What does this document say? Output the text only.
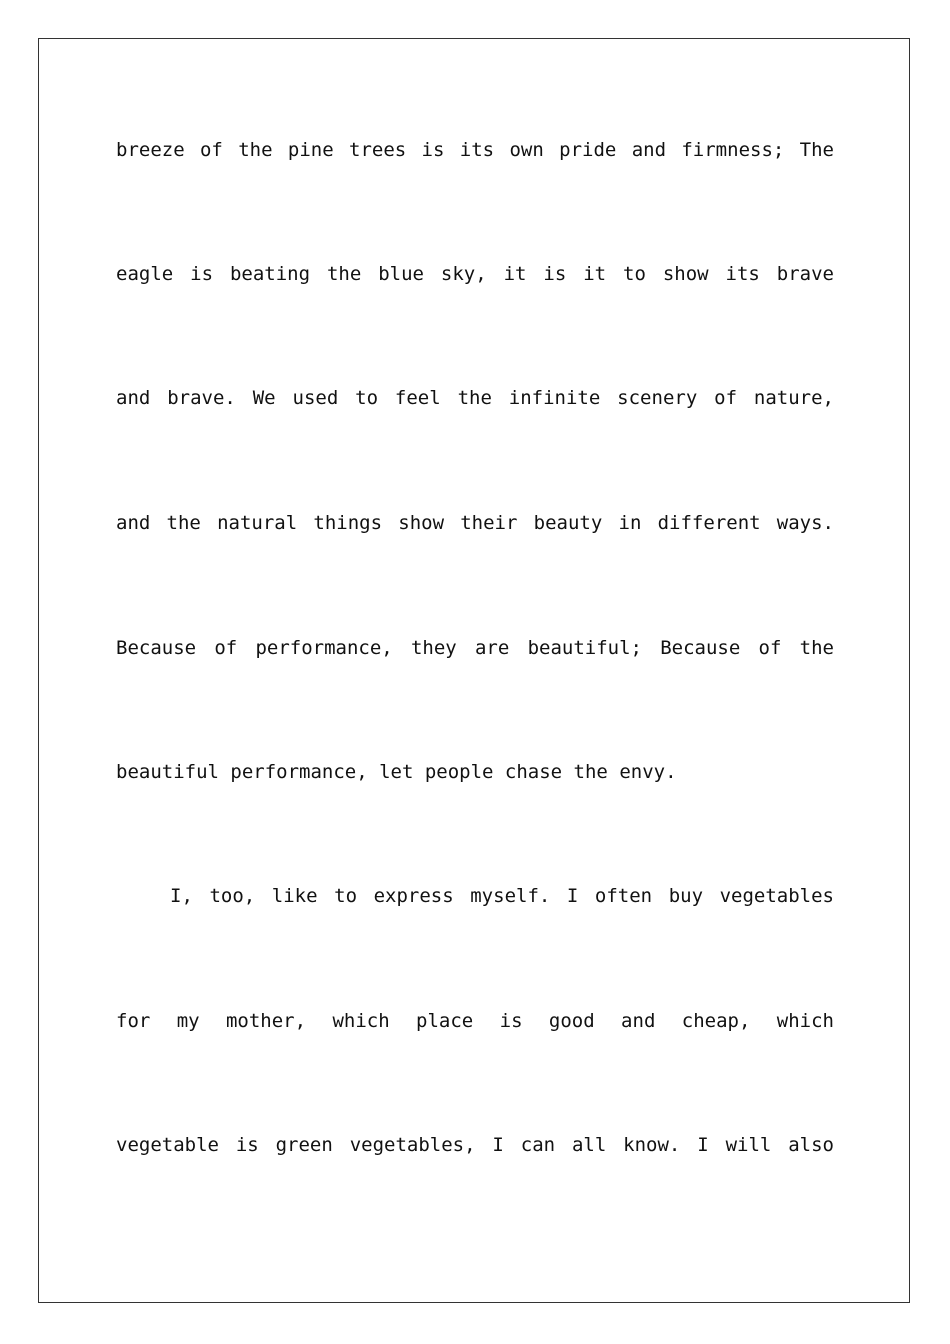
breeze of the pine trees is its own pride and firmness; The
eagle is beating the blue sky, it is it to show its brave
and brave. We used to feel the infinite scenery of nature,
and the natural things show their beauty in different ways.
Because of performance, they are beautiful; Because of the
beautiful performance, let people chase the envy.
I, too, like to express myself. I often buy vegetables
for my mother, which place is good and cheap, which
vegetable is green vegetables, I can all know. I will also
